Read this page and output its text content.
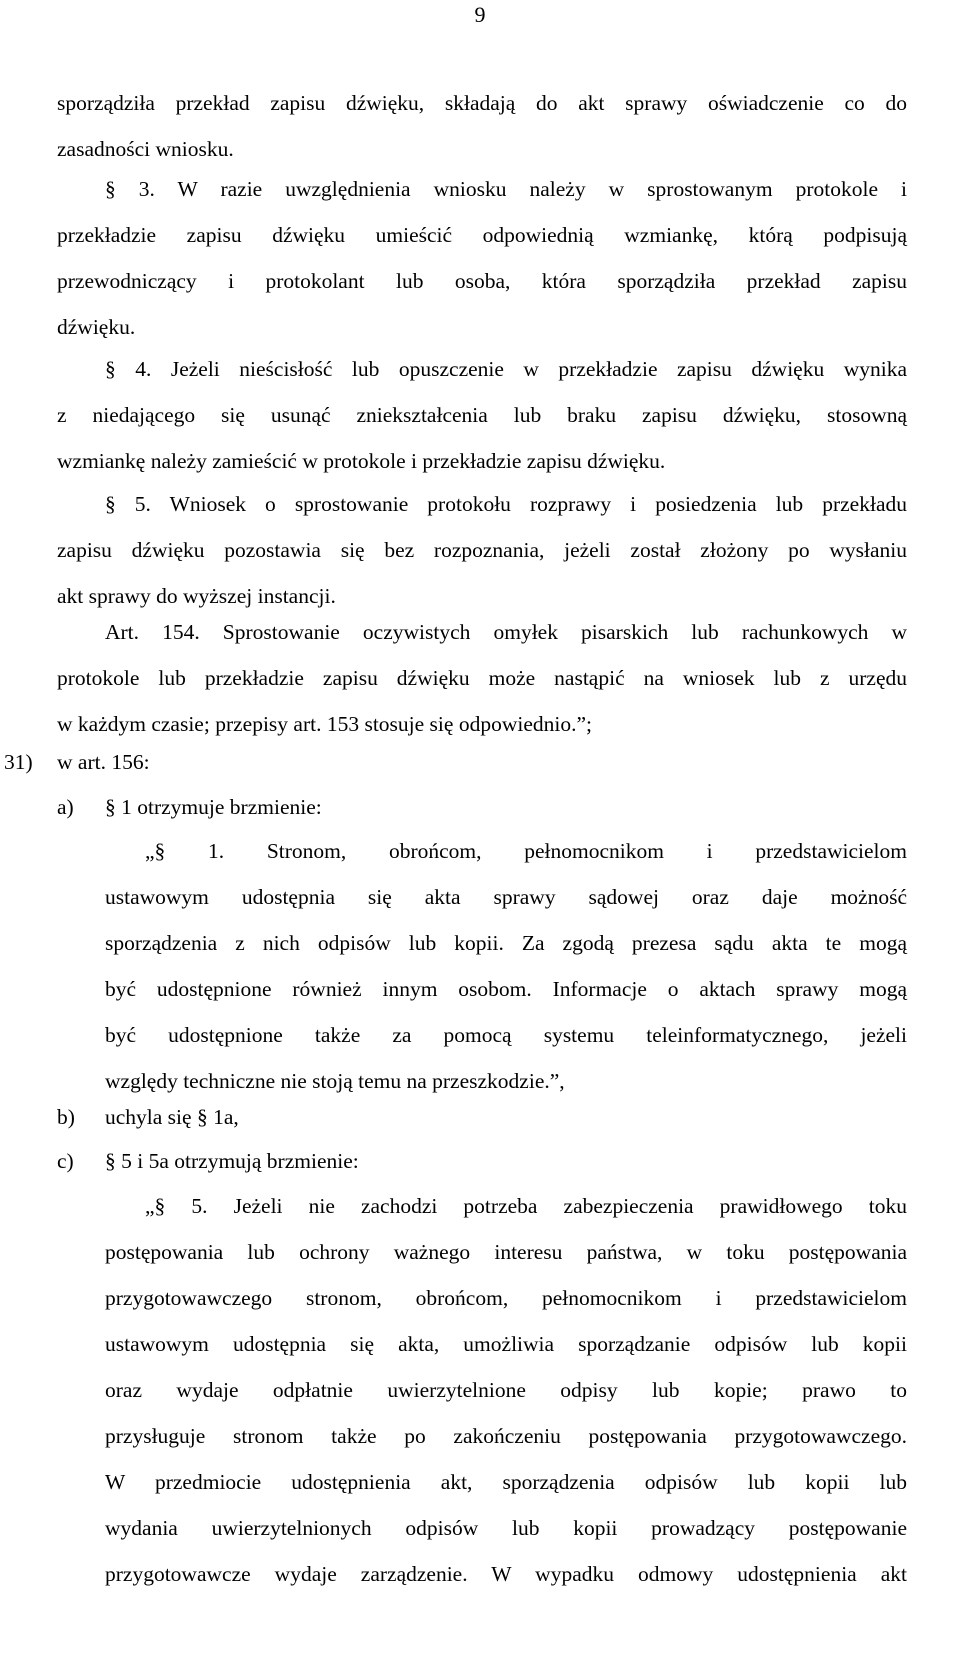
9
sporządziła przekład zapisu dźwięku, składają do akt sprawy oświadczenie co do
zasadności wniosku.
§ 3. W razie uwzględnienia wniosku należy w sprostowanym protokole i
przekładzie zapisu dźwięku umieścić odpowiednią wzmiankę, którą podpisują
przewodniczący i protokolant lub osoba, która sporządziła przekład zapisu
dźwięku.
§ 4. Jeżeli nieścisłość lub opuszczenie w przekładzie zapisu dźwięku wynika
z niedającego się usunąć zniekształcenia lub braku zapisu dźwięku, stosowną
wzmiankę należy zamieścić w protokole i przekładzie zapisu dźwięku.
§ 5. Wniosek o sprostowanie protokołu rozprawy i posiedzenia lub przekładu
zapisu dźwięku pozostawia się bez rozpoznania, jeżeli został złożony po wysłaniu
akt sprawy do wyższej instancji.
Art. 154. Sprostowanie oczywistych omyłek pisarskich lub rachunkowych w
protokole lub przekładzie zapisu dźwięku może nastąpić na wniosek lub z urzędu
w każdym czasie; przepisy art. 153 stosuje się odpowiednio.”;
31) w art. 156:
a) § 1 otrzymuje brzmienie:
„§ 1. Stronom, obrońcom, pełnomocnikom i przedstawicielom
ustawowym udostępnia się akta sprawy sądowej oraz daje możność
sporządzenia z nich odpisów lub kopii. Za zgodą prezesa sądu akta te mogą
być udostępnione również innym osobom. Informacje o aktach sprawy mogą
być udostępnione także za pomocą systemu teleinformatycznego, jeżeli
względy techniczne nie stoją temu na przeszkodzie.”,
b) uchyla się § 1a,
c) § 5 i 5a otrzymują brzmienie:
„§ 5. Jeżeli nie zachodzi potrzeba zabezpieczenia prawidłowego toku
postępowania lub ochrony ważnego interesu państwa, w toku postępowania
przygotowawczego stronom, obrońcom, pełnomocnikom i przedstawicielom
ustawowym udostępnia się akta, umożliwia sporządzanie odpisów lub kopii
oraz wydaje odpłatnie uwierzytelnione odpisy lub kopie; prawo to
przysługuje stronom także po zakończeniu postępowania przygotowawczego.
W przedmiocie udostępnienia akt, sporządzenia odpisów lub kopii lub
wydania uwierzytelnionych odpisów lub kopii prowadzący postępowanie
przygotowawcze wydaje zarządzenie. W wypadku odmowy udostępnienia akt
